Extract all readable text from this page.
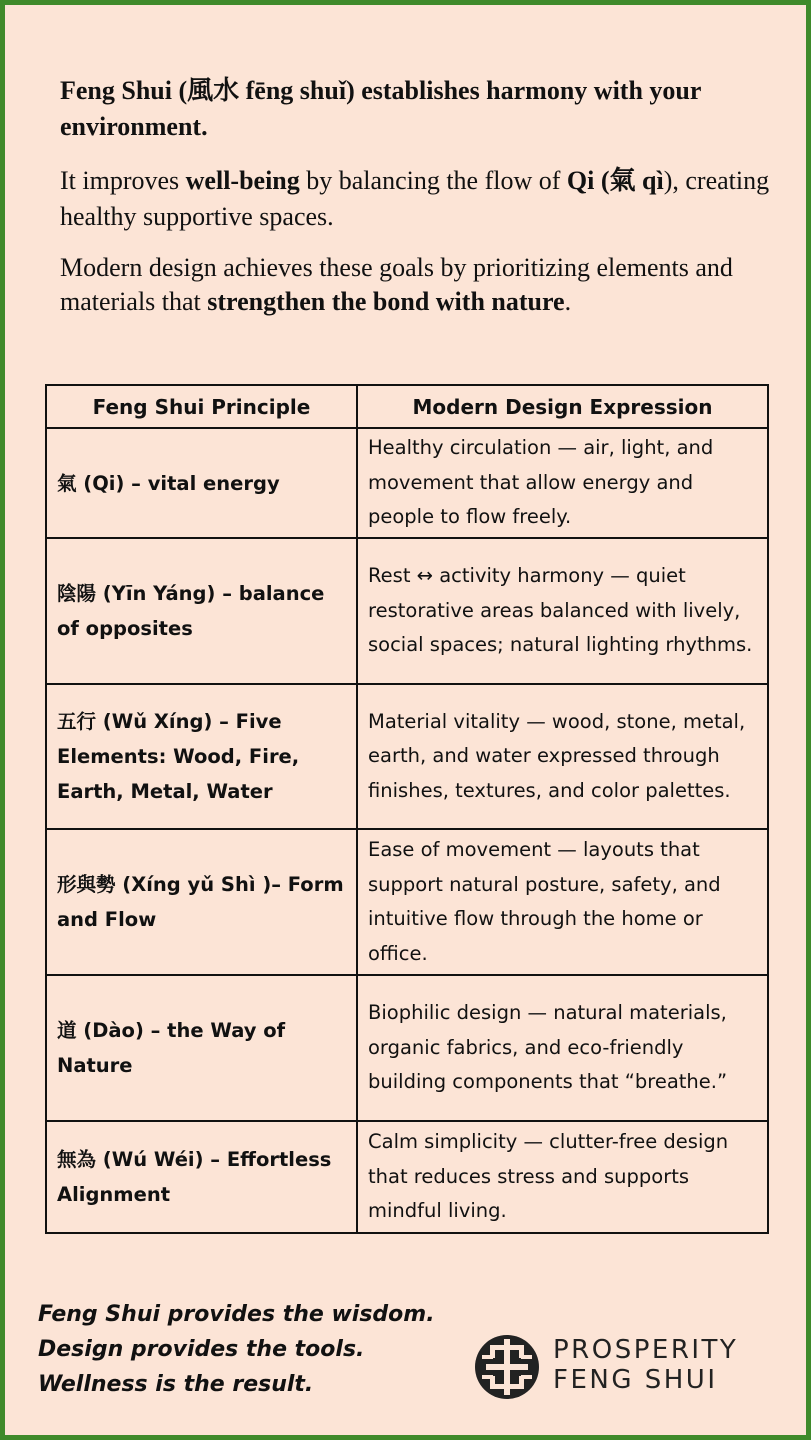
Feng Shui (風水 fēng shuǐ) establishes harmony with your environment.

It improves well-being by balancing the flow of Qi (氣 qì), creating healthy supportive spaces.

Modern design achieves these goals by prioritizing elements and materials that strengthen the bond with nature.

Feng Shui Principle	Modern Design Expression
氣 (Qi) – vital energy	Healthy circulation — air, light, and movement that allow energy and people to flow freely.
陰陽 (Yīn Yáng) – balance of opposites	Rest ↔ activity harmony — quiet restorative areas balanced with lively, social spaces; natural lighting rhythms.
五行 (Wǔ Xíng) – Five Elements: Wood, Fire, Earth, Metal, Water	Material vitality — wood, stone, metal, earth, and water expressed through finishes, textures, and color palettes.
形與勢 (Xíng yǔ Shì )– Form and Flow	Ease of movement — layouts that support natural posture, safety, and intuitive flow through the home or office.
道 (Dào) – the Way of Nature	Biophilic design — natural materials, organic fabrics, and eco-friendly building components that “breathe.”
無為 (Wú Wéi) – Effortless Alignment	Calm simplicity — clutter-free design that reduces stress and supports mindful living.
Feng Shui provides the wisdom.
Design provides the tools.
Wellness is the result.
PROSPERITY
FENG SHUI
